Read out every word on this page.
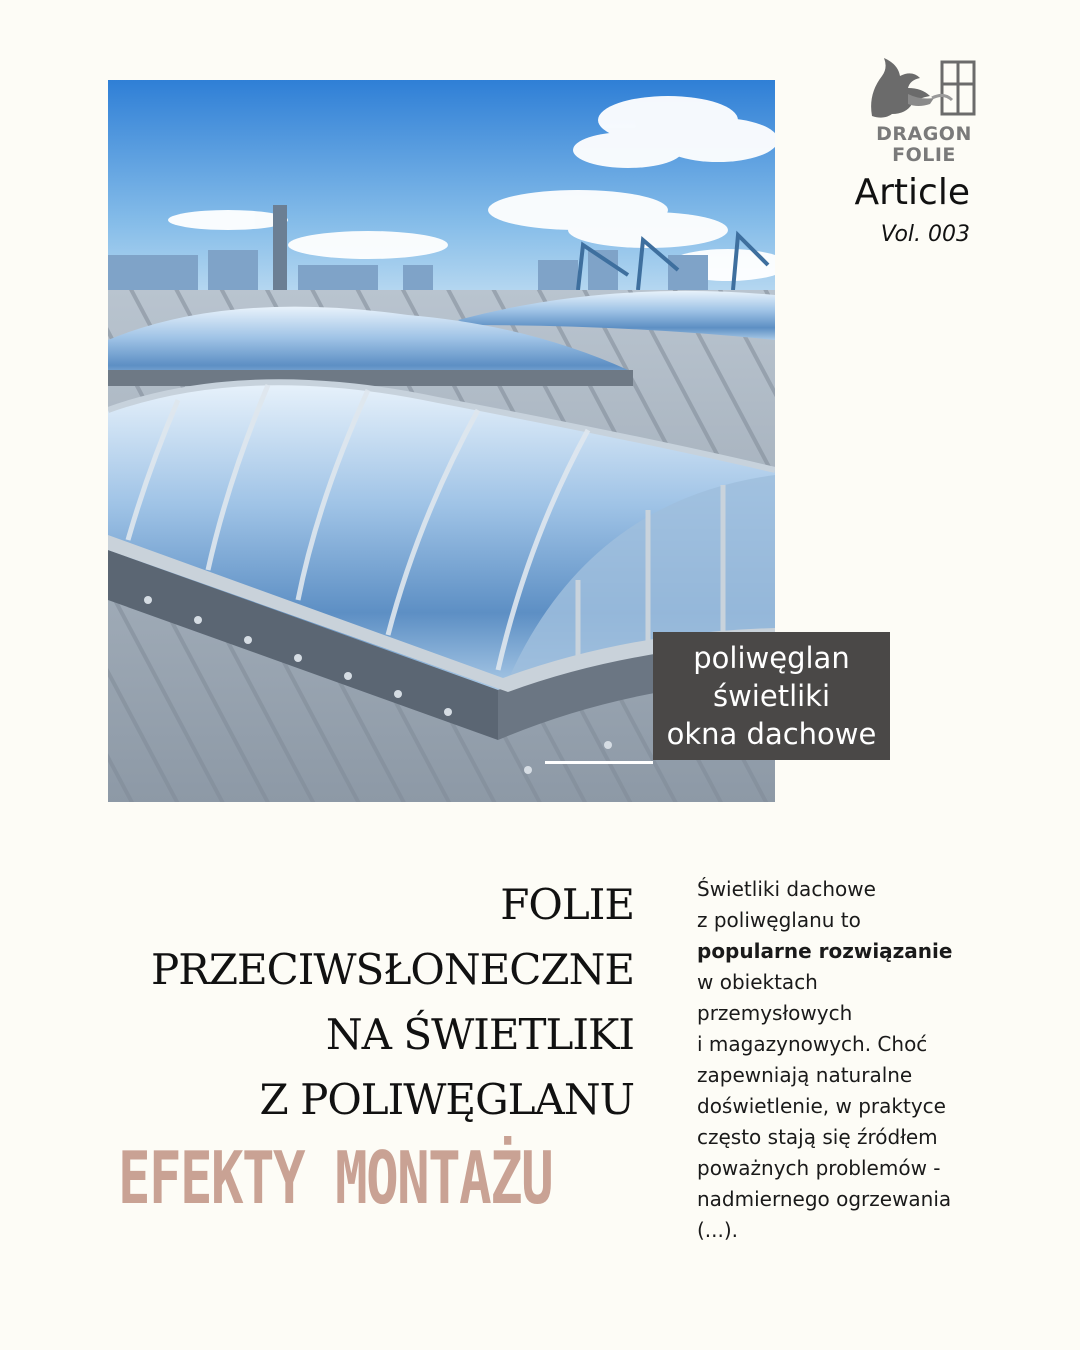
poliwęglan
świetliki
okna dachowe
DRAGON
FOLIE
Article
Vol. 003
FOLIE
PRZECIWSŁONECZNE
NA ŚWIETLIKI
Z POLIWĘGLANU
EFEKTY MONTAŻU
Świetliki dachowe
z poliwęglanu to
popularne rozwiązanie
w obiektach
przemysłowych
i magazynowych. Choć
zapewniają naturalne
doświetlenie, w praktyce
często stają się źródłem
poważnych problemów -
nadmiernego ogrzewania
(...).
